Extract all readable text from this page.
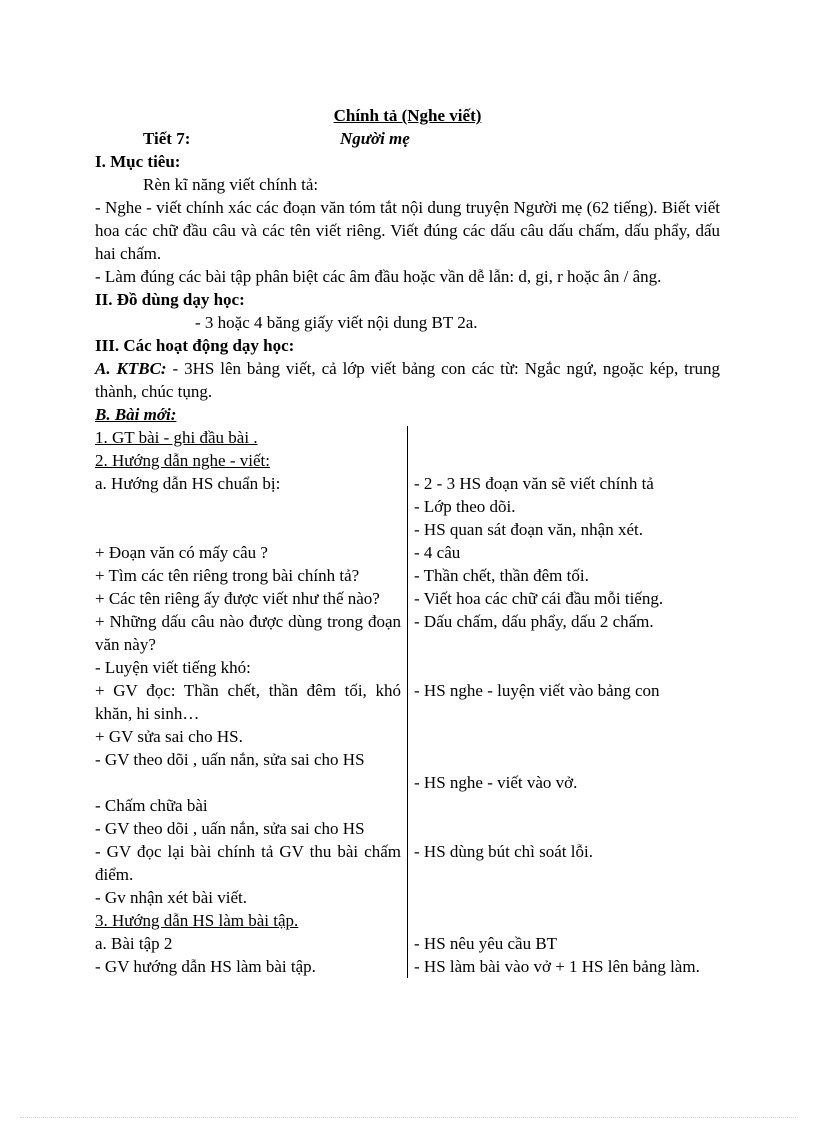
Chính tả (Nghe viết)
Tiết 7:	Người mẹ
I. Mục tiêu:
Rèn kĩ năng viết chính tả:
- Nghe - viết chính xác các đoạn văn tóm tắt nội dung truyện Người mẹ (62 tiếng). Biết viết hoa các chữ đầu câu và các tên viết riêng. Viết đúng các dấu câu dấu chấm, dấu phẩy, dấu hai chấm.
- Làm đúng các bài tập phân biệt các âm đầu hoặc vần dễ lẫn: d, gi, r hoặc ân / âng.
II. Đồ dùng dạy học:
- 3 hoặc 4 băng giấy viết nội dung BT 2a.
III. Các hoạt động dạy học:
A. KTBC: - 3HS lên bảng viết, cả lớp viết bảng con các từ: Ngắc ngứ, ngoặc kép, trung thành, chúc tụng.
B. Bài mới:
1. GT bài - ghi đầu bài .	
2. Hướng dẫn nghe - viết:	
a. Hướng dẫn HS chuẩn bị:	- 2 - 3 HS đoạn văn sẽ viết chính tả
	- Lớp theo dõi.
	- HS quan sát đoạn văn, nhận xét.
+ Đoạn văn có mấy câu ?	- 4 câu
+ Tìm các tên riêng trong bài chính tả?	- Thần chết, thần đêm tối.
+ Các tên riêng ấy được viết như thế nào?	- Viết hoa các chữ cái đầu mỗi tiếng.
+ Những dấu câu nào được dùng trong đoạn văn này?	- Dấu chấm, dấu phẩy, dấu 2 chấm.
- Luyện viết tiếng khó:	
+ GV đọc: Thần chết, thần đêm tối, khó khăn, hi sinh…	- HS nghe - luyện viết vào bảng con
+ GV sửa sai cho HS.	
- GV theo dõi , uấn nắn, sửa sai cho HS	
	- HS nghe - viết vào vở.
- Chấm chữa bài	
- GV theo dõi , uấn nắn, sửa sai cho HS	
- GV đọc lại bài chính tả GV thu bài chấm điểm.	- HS dùng bút chì soát lỗi.
- Gv nhận xét bài viết.	
3. Hướng dẫn HS làm bài tập.	
a. Bài tập 2	- HS nêu yêu cầu BT
- GV hướng dẫn HS làm bài tập.	- HS làm bài vào vở + 1 HS lên bảng làm.
